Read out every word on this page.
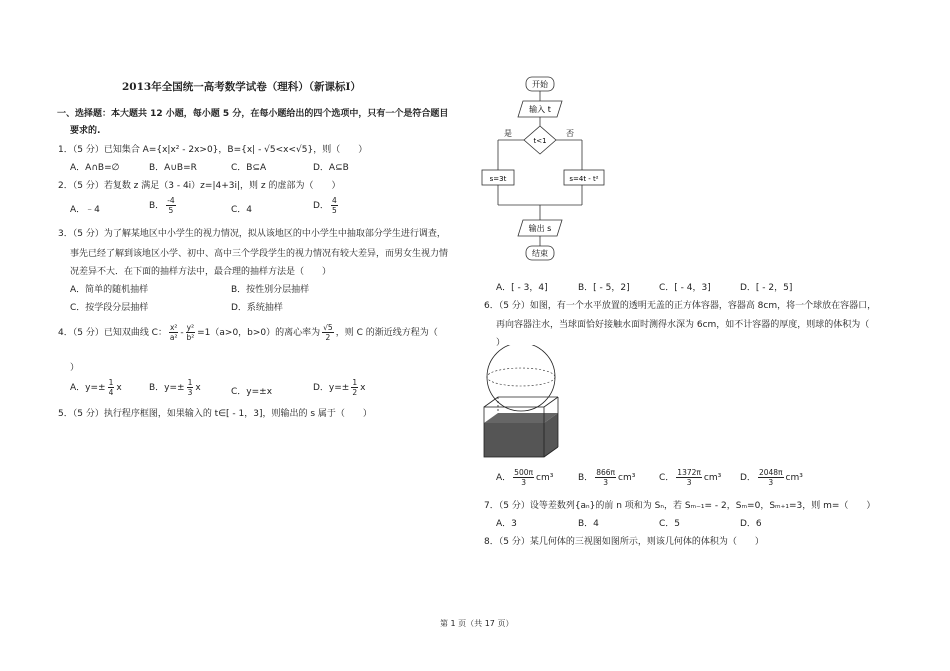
2013年全国统一高考数学试卷（理科）（新课标Ⅰ）
一、选择题：本大题共 12 小题，每小题 5 分，在每小题给出的四个选项中，只有一个是符合题目
要求的.
1．（5 分）已知集合 A={x|x² - 2x>0}，B={x| - √5<x<√5}，则（　　）
A．A∩B=∅	B．A∪B=R	C．B⊆A	D．A⊆B
2．（5 分）若复数 z 满足（3 - 4i）z=|4+3i|，则 z 的虚部为（　　）
A．﹣4	B． $\frac{-4}{5}$	C．4	D． $\frac{4}{5}$
3．（5 分）为了解某地区中小学生的视力情况，拟从该地区的中小学生中抽取部分学生进行调查，
事先已经了解到该地区小学、初中、高中三个学段学生的视力情况有较大差异，而男女生视力情
况差异不大．在下面的抽样方法中，最合理的抽样方法是（　　）
A．简单的随机抽样	B．按性别分层抽样
C．按学段分层抽样	D．系统抽样
4．（5 分）已知双曲线 C： $\frac{\text{x²}}{\text{a²}} - \frac{\text{y²}}{\text{b²}} =1(a>0$，b>0）的离心率为 $\frac{√5}{2}$ ，则 C 的渐近线方程为（
）
A．$y=\pm \frac{1}{4}$ x	B．$y=\pm \frac{1}{3}$ x	C．y=±x	D．$y=\pm \frac{1}{2}$ x
5．（5 分）执行程序框图，如果输入的 t∈[ - 1，3]，则输出的 s 属于（　　）
开始
输入 t
t<1
是	否
s=3t	s=4t - t²
输出 s
结束
A．[ - 3，4]	B．[ - 5，2]	C．[ - 4，3]	D．[ - 2，5]
6．（5 分）如图，有一个水平放置的透明无盖的正方体容器，容器高 8cm，将一个球放在容器口，
再向容器注水，当球面恰好接触水面时测得水深为 6cm，如不计容器的厚度，则球的体积为（
）
A． $\frac{500\pi}{3} cm^3$	B． $\frac{866\pi}{3} cm^3$	C． $\frac{1372\pi}{3} cm^3$ D． $\frac{2048\pi}{3} cm^3$
7．（5 分）设等差数列{aₙ}的前 n 项和为 Sₙ，若 Sₘ₋₁= - 2，Sₘ=0，Sₘ₊₁=3，则 m=（　　）
A．3	B．4	C．5	D．6
8．（5 分）某几何体的三视图如图所示，则该几何体的体积为（　　）
第 1 页（共 17 页）
